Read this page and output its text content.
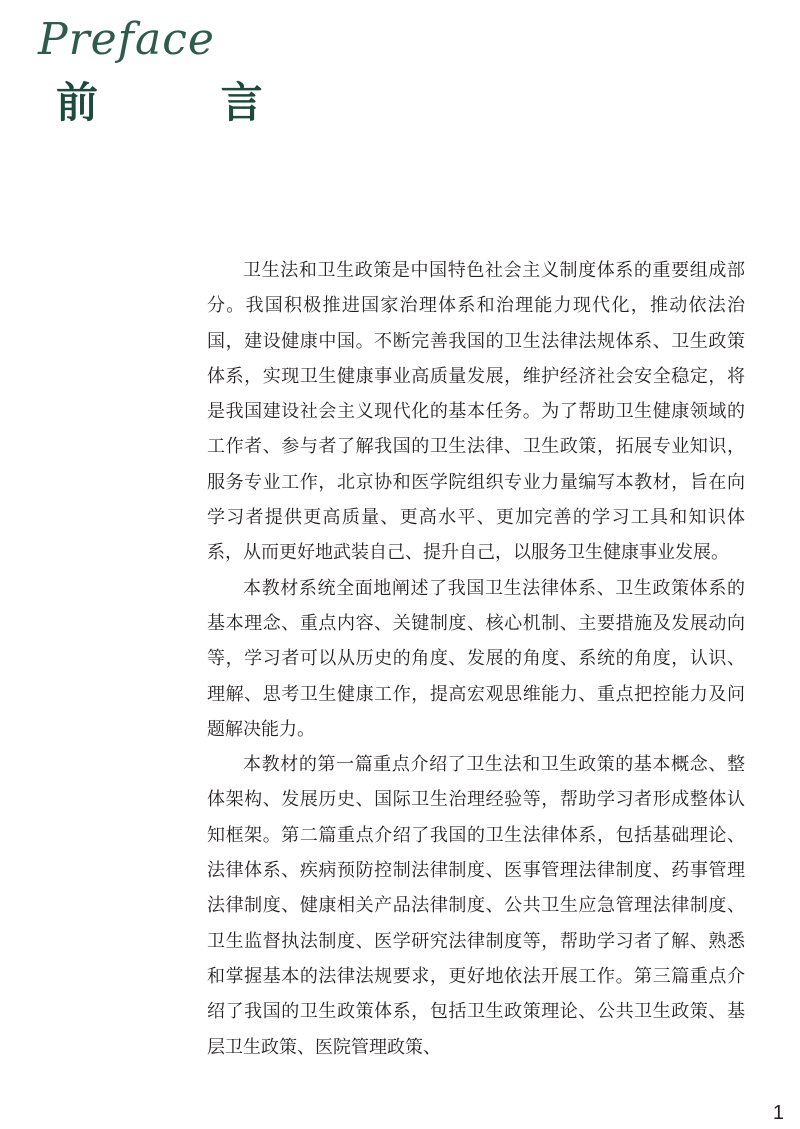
Preface
前 言

卫生法和卫生政策是中国特色社会主义制度体系的重要组成部分。我国积极推进国家治理体系和治理能力现代化，推动依法治国，建设健康中国。不断完善我国的卫生法律法规体系、卫生政策体系，实现卫生健康事业高质量发展，维护经济社会安全稳定，将是我国建设社会主义现代化的基本任务。为了帮助卫生健康领域的工作者、参与者了解我国的卫生法律、卫生政策，拓展专业知识，服务专业工作，北京协和医学院组织专业力量编写本教材，旨在向学习者提供更高质量、更高水平、更加完善的学习工具和知识体系，从而更好地武装自己、提升自己，以服务卫生健康事业发展。

本教材系统全面地阐述了我国卫生法律体系、卫生政策体系的基本理念、重点内容、关键制度、核心机制、主要措施及发展动向等，学习者可以从历史的角度、发展的角度、系统的角度，认识、理解、思考卫生健康工作，提高宏观思维能力、重点把控能力及问题解决能力。

本教材的第一篇重点介绍了卫生法和卫生政策的基本概念、整体架构、发展历史、国际卫生治理经验等，帮助学习者形成整体认知框架。第二篇重点介绍了我国的卫生法律体系，包括基础理论、法律体系、疾病预防控制法律制度、医事管理法律制度、药事管理法律制度、健康相关产品法律制度、公共卫生应急管理法律制度、卫生监督执法制度、医学研究法律制度等，帮助学习者了解、熟悉和掌握基本的法律法规要求，更好地依法开展工作。第三篇重点介绍了我国的卫生政策体系，包括卫生政策理论、公共卫生政策、基层卫生政策、医院管理政策、

1
